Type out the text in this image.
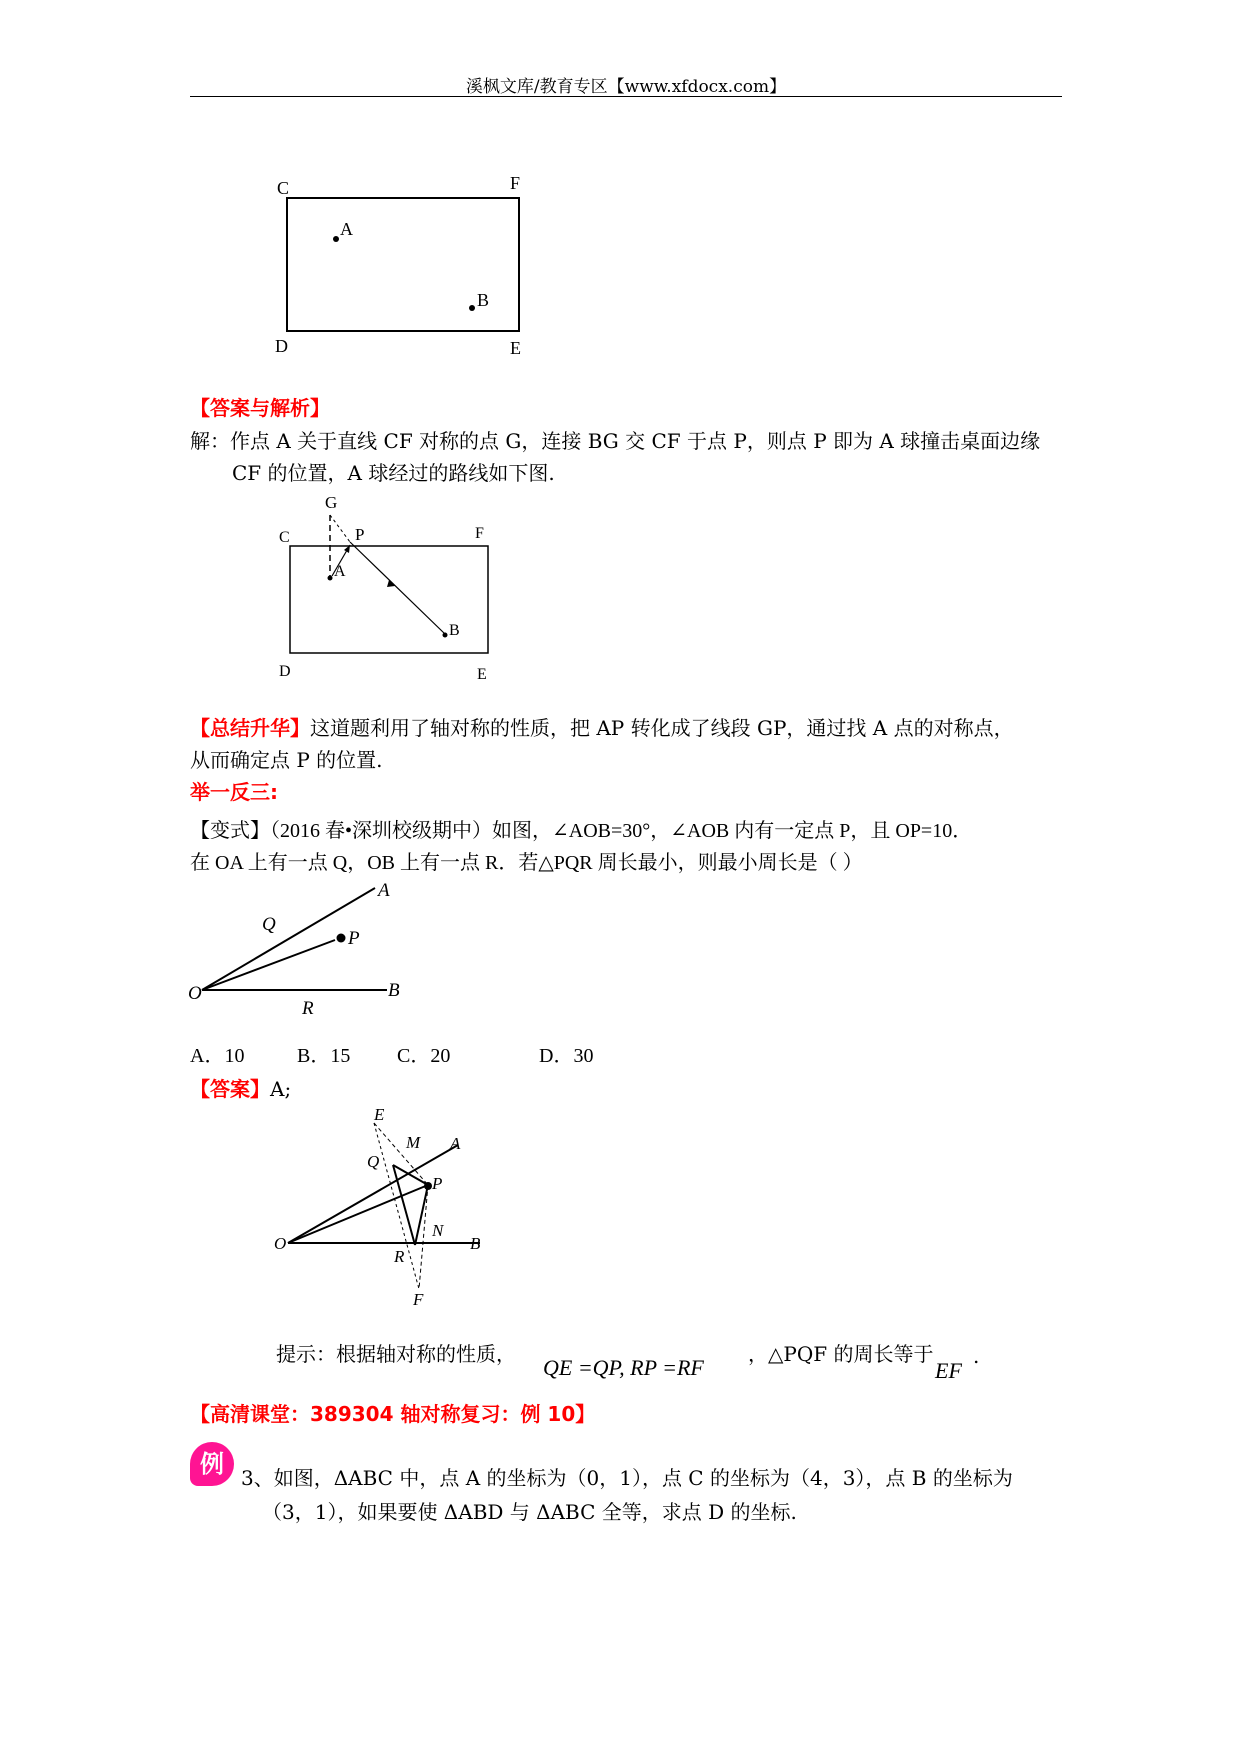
溪枫文库/教育专区【www.xfdocx.com】
C	F
D	E
A
B
【答案与解析】
解：作点 A 关于直线 CF 对称的点 G，连接 BG 交 CF 于点 P，则点 P 即为 A 球撞击桌面边缘
CF 的位置，A 球经过的路线如下图.
G
P
C	F
A
B
D	E
【总结升华】这道题利用了轴对称的性质，把 AP 转化成了线段 GP，通过找 A 点的对称点，
从而确定点 P 的位置.
举一反三:
【变式】（2016 春•深圳校级期中）如图，∠AOB=30°，∠AOB 内有一定点 P，且 OP=10．
在 OA 上有一点 Q，OB 上有一点 R．若△PQR 周长最小，则最小周长是（ ）
A
Q
P
O	B
R
A．10	B．15 C．20	D．30
【答案】A;
E
M A
Q
P
N
O	B
R
F
提示：根据轴对称的性质，
QE =QP, RP =RF
，△PQF 的周长等于
EF
.
【高清课堂：389304 轴对称复习：例 10】
例 3、如图，ΔABC 中，点 A 的坐标为（0，1），点 C 的坐标为（4，3），点 B 的坐标为
（3，1），如果要使 ΔABD 与 ΔABC 全等，求点 D 的坐标.
